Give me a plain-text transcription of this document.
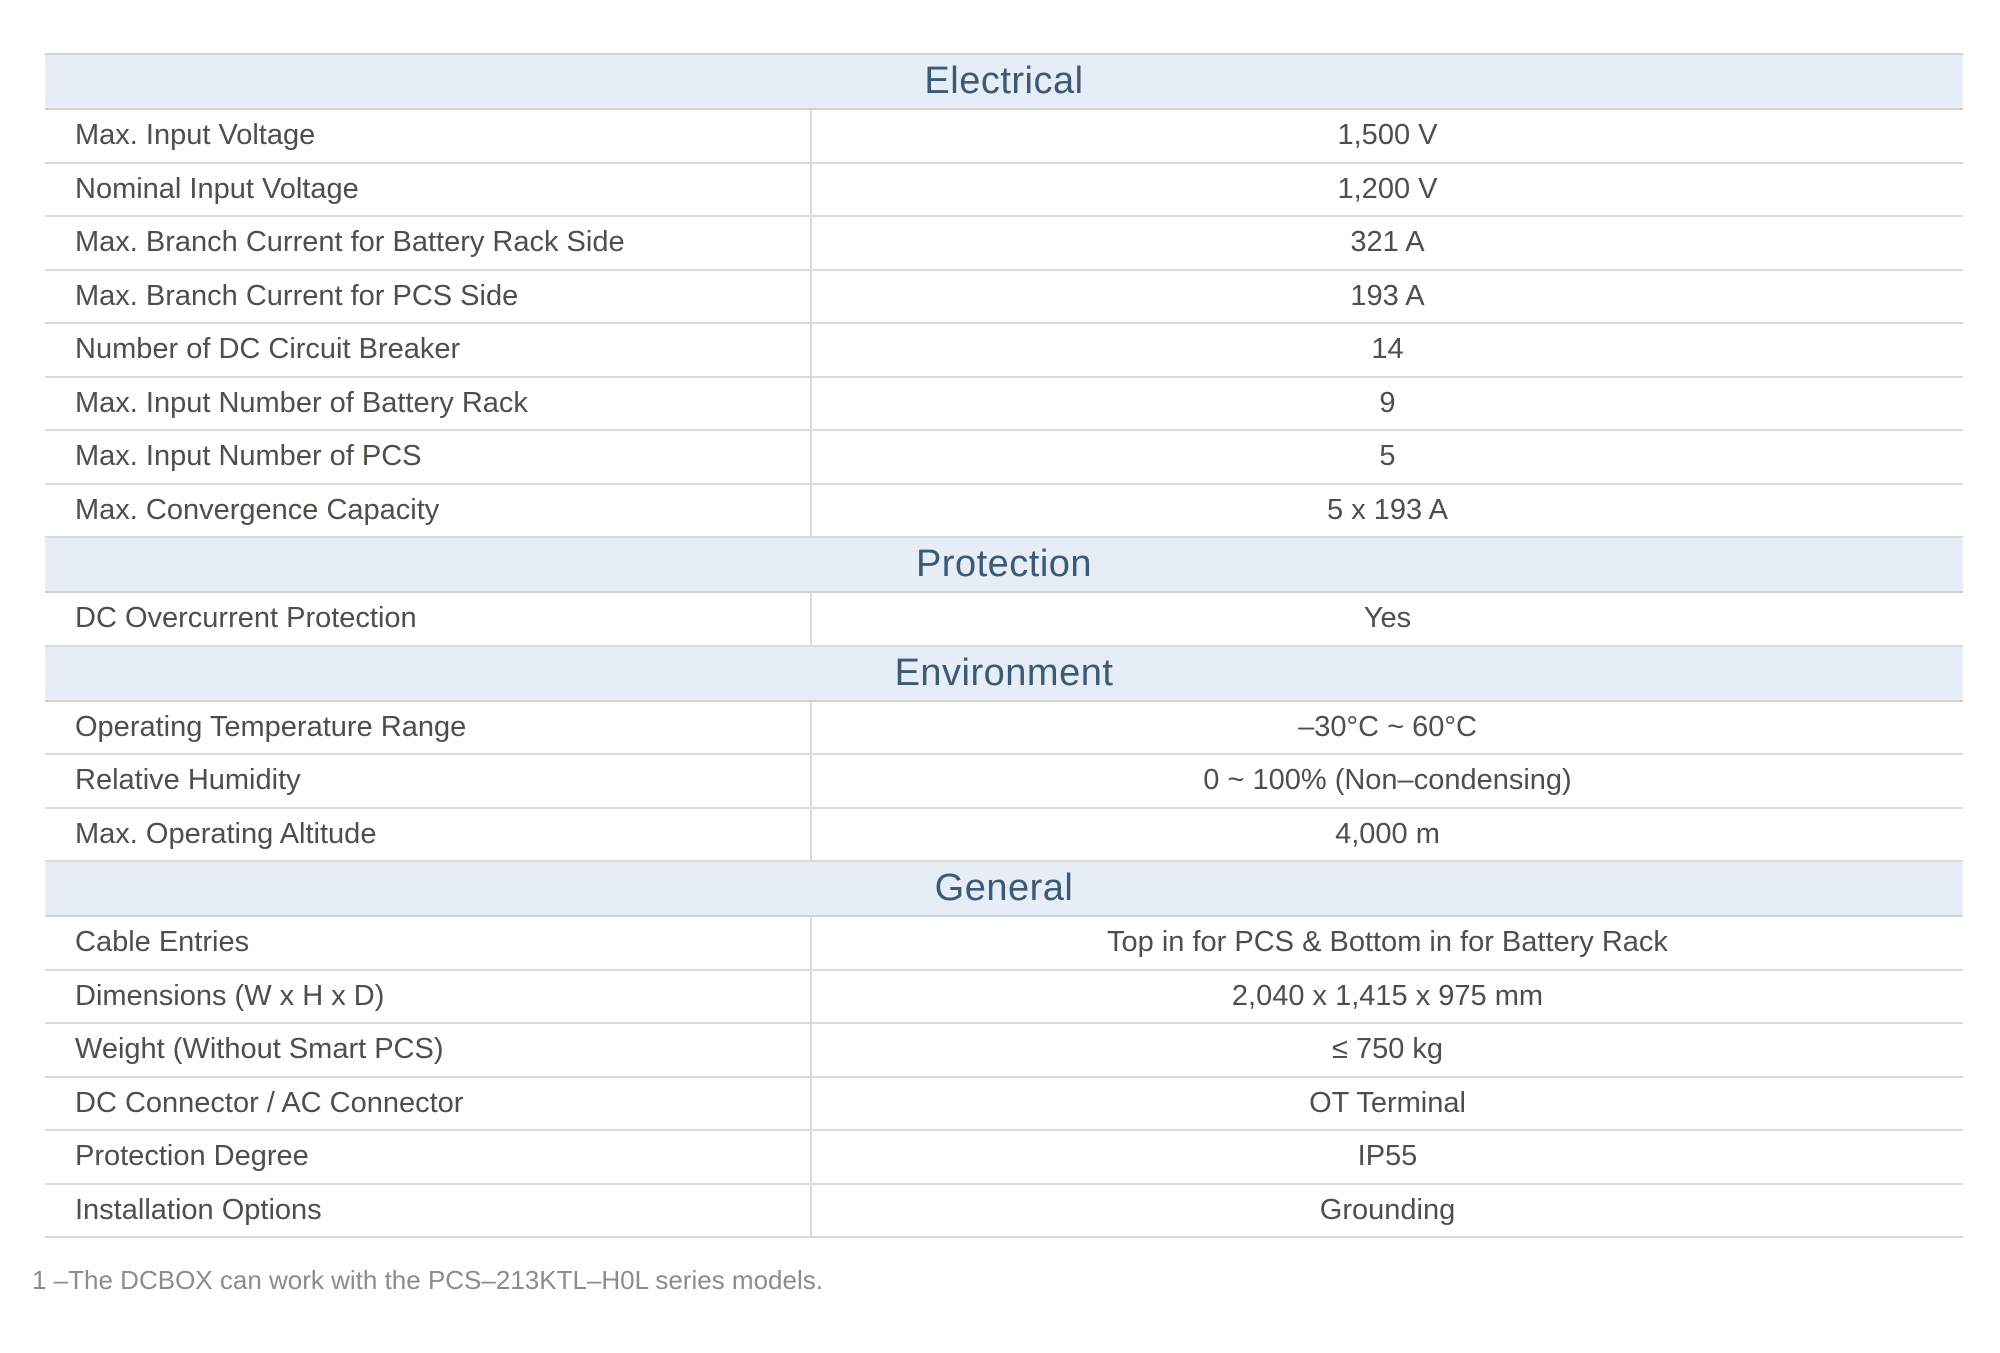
Electrical
Max. Input Voltage	1,500 V
Nominal Input Voltage	1,200 V
Max. Branch Current for Battery Rack Side	321 A
Max. Branch Current for PCS Side	193 A
Number of DC Circuit Breaker	14
Max. Input Number of Battery Rack	9
Max. Input Number of PCS	5
Max. Convergence Capacity	5 x 193 A
Protection
DC Overcurrent Protection	Yes
Environment
Operating Temperature Range	–30°C ~ 60°C
Relative Humidity	0 ~ 100% (Non–condensing)
Max. Operating Altitude	4,000 m
General
Cable Entries	Top in for PCS & Bottom in for Battery Rack
Dimensions (W x H x D)	2,040 x 1,415 x 975 mm
Weight (Without Smart PCS)	≤ 750 kg
DC Connector / AC Connector	OT Terminal
Protection Degree	IP55
Installation Options	Grounding
1 –The DCBOX can work with the PCS–213KTL–H0L series models.
